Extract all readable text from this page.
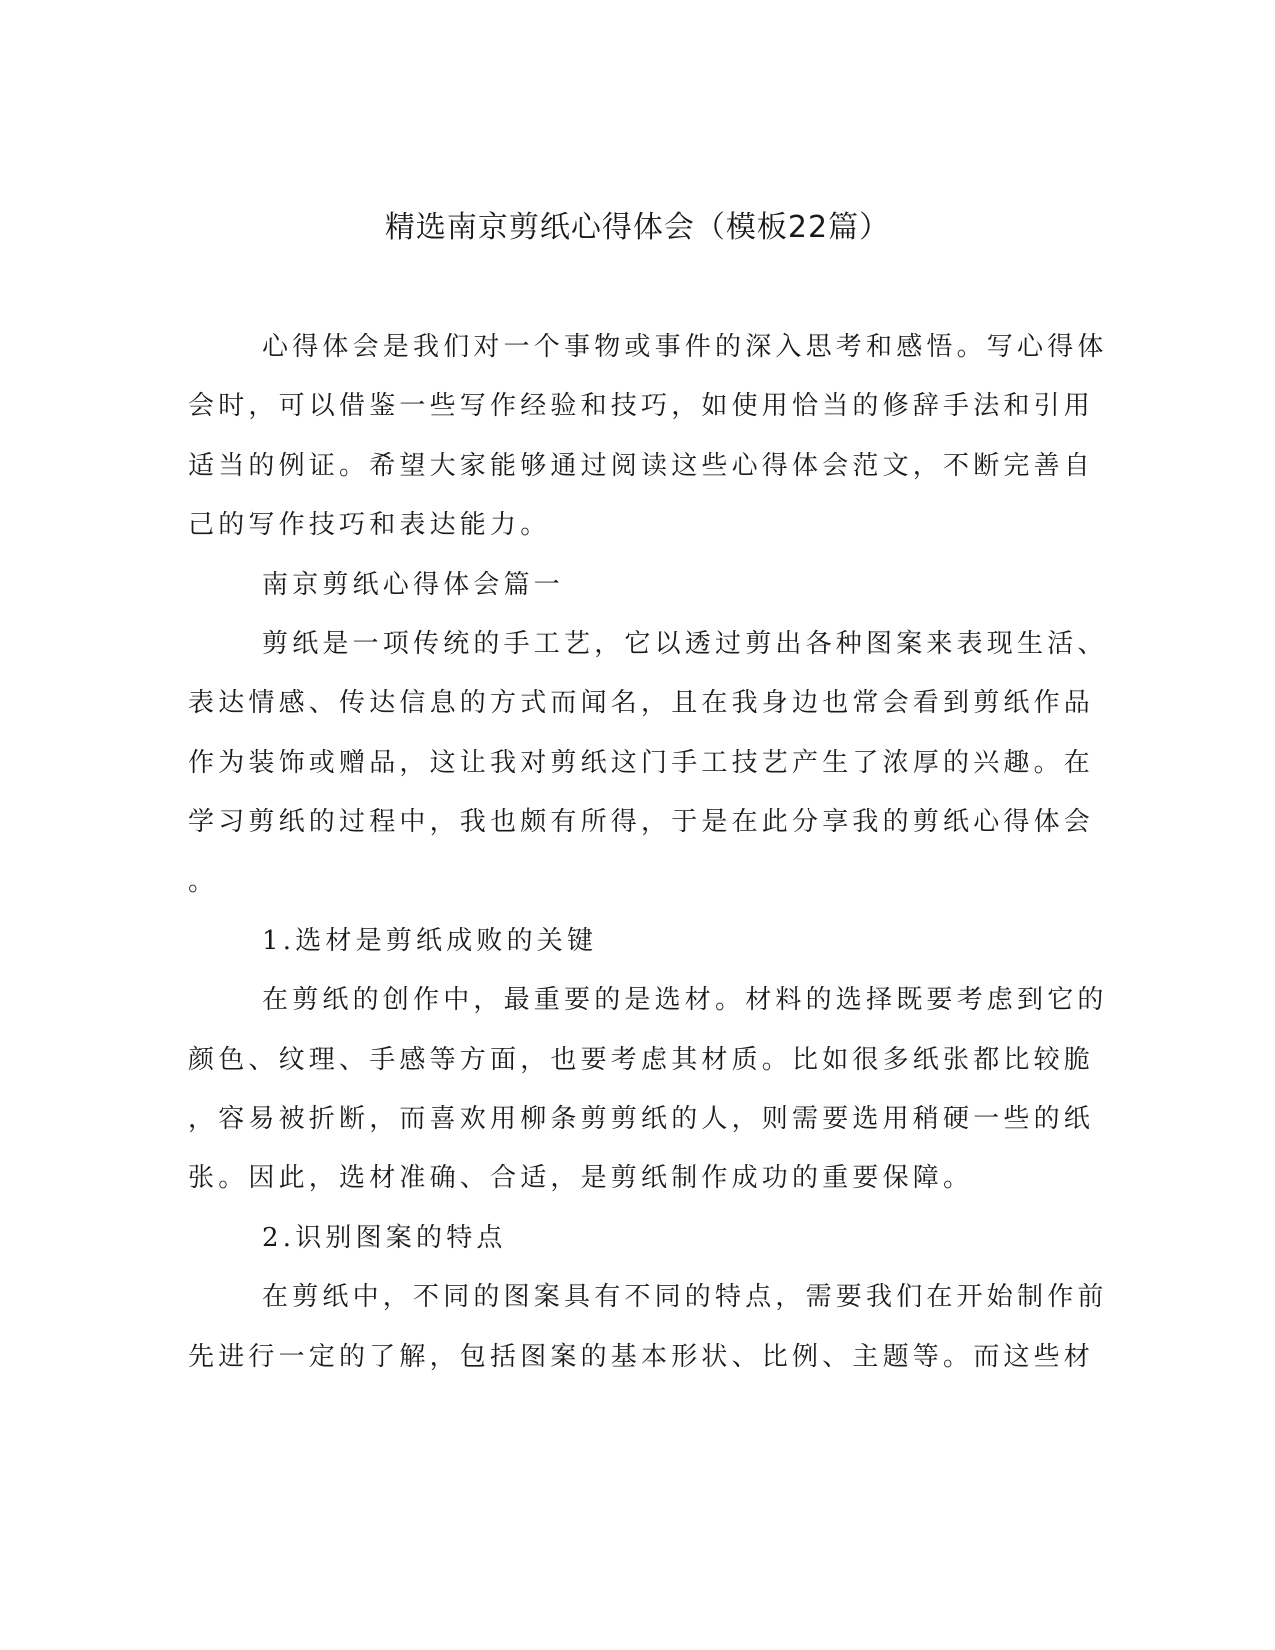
精选南京剪纸心得体会（模板22篇）
心得体会是我们对一个事物或事件的深入思考和感悟。写心得体
会时，可以借鉴一些写作经验和技巧，如使用恰当的修辞手法和引用
适当的例证。希望大家能够通过阅读这些心得体会范文，不断完善自
己的写作技巧和表达能力。
南京剪纸心得体会篇一
剪纸是一项传统的手工艺，它以透过剪出各种图案来表现生活、
表达情感、传达信息的方式而闻名，且在我身边也常会看到剪纸作品
作为装饰或赠品，这让我对剪纸这门手工技艺产生了浓厚的兴趣。在
学习剪纸的过程中，我也颇有所得，于是在此分享我的剪纸心得体会
。
1.选材是剪纸成败的关键
在剪纸的创作中，最重要的是选材。材料的选择既要考虑到它的
颜色、纹理、手感等方面，也要考虑其材质。比如很多纸张都比较脆
，容易被折断，而喜欢用柳条剪剪纸的人，则需要选用稍硬一些的纸
张。因此，选材准确、合适，是剪纸制作成功的重要保障。
2.识别图案的特点
在剪纸中，不同的图案具有不同的特点，需要我们在开始制作前
先进行一定的了解，包括图案的基本形状、比例、主题等。而这些材
